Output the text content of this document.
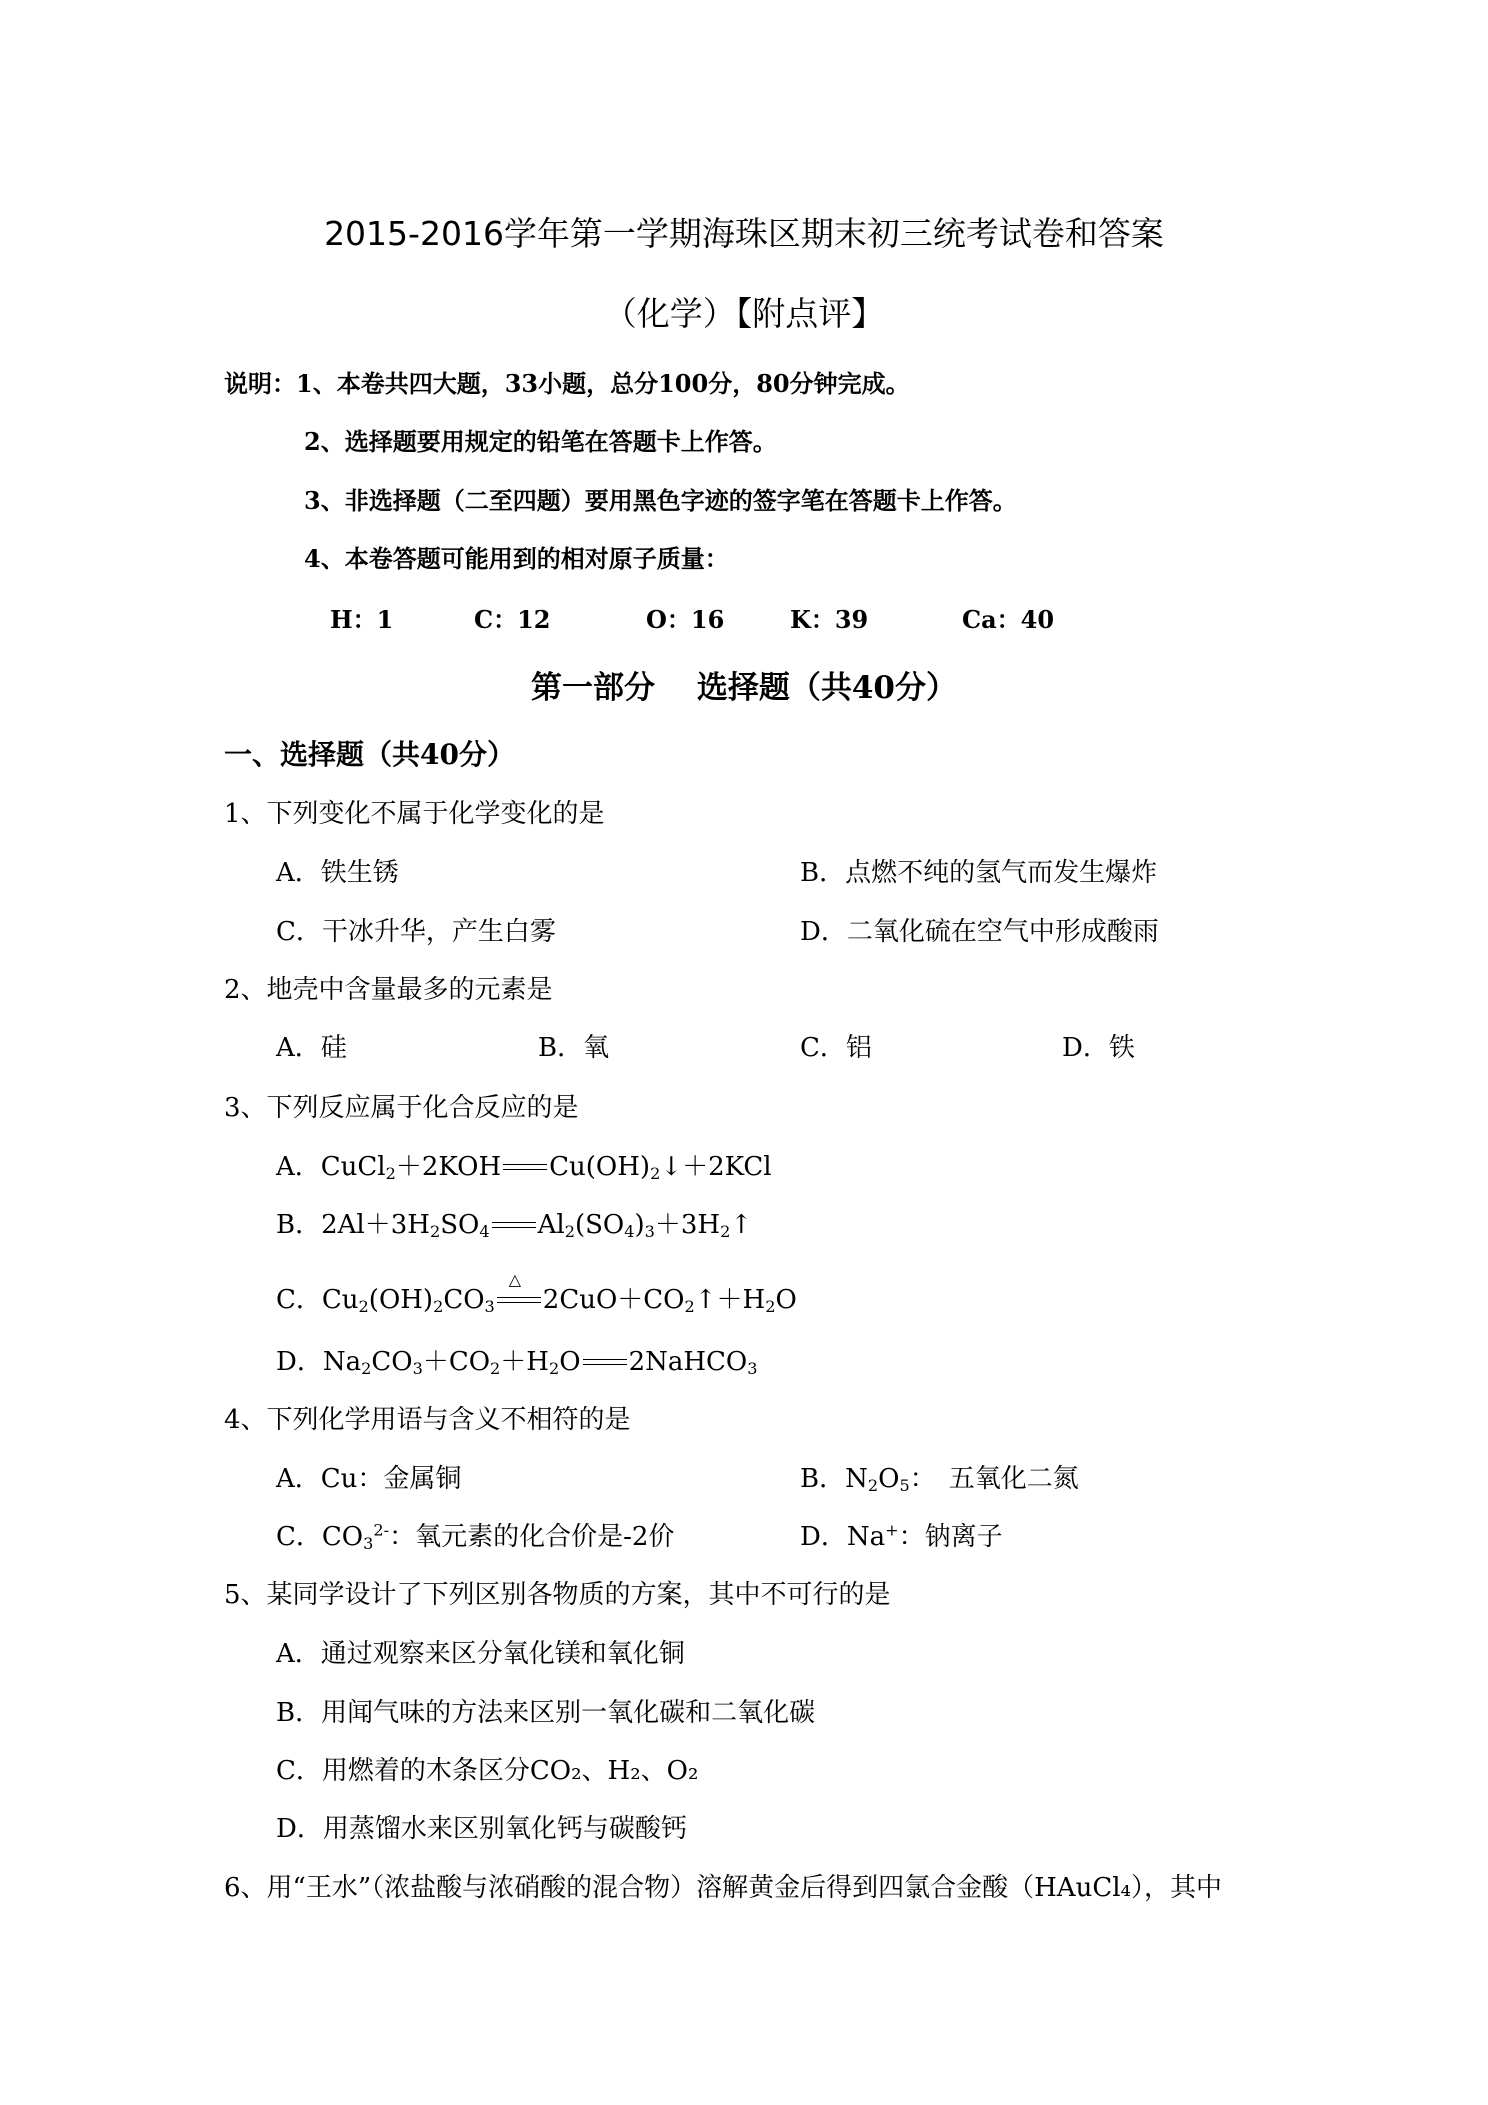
2015-2016学年第一学期海珠区期末初三统考试卷和答案
（化学）【附点评】
说明：1、本卷共四大题，33小题，总分100分，80分钟完成。
2、选择题要用规定的铅笔在答题卡上作答。
3、非选择题（二至四题）要用黑色字迹的签字笔在答题卡上作答。
4、本卷答题可能用到的相对原子质量：
H：1	C：12	O：16	K：39	Ca：40
第一部分　 选择题（共40分）
一、选择题（共40分）
1、下列变化不属于化学变化的是
A．铁生锈	B．点燃不纯的氢气而发生爆炸
C．干冰升华，产生白雾	D．二氧化硫在空气中形成酸雨
2、地壳中含量最多的元素是
A．硅	B．氧	C．铝	D．铁
3、下列反应属于化合反应的是
A．CuCl$_2$＋2KOH $Cu(OH)_2↓+2KCl$
B．$2Al+3H_2SO_4$ $Al_2(SO_4)_3+3H_2↑$
C．$Cu_2(OH)_2CO_3$
△
$2CuO+CO_2↑+H_2O$
D．$Na_2CO_3+CO_2+H_2O$ 2NaHCO$_3$
4、下列化学用语与含义不相符的是
A．Cu：金属铜	B．$N_2O_5$：　五氧化二氮
C．$CO_3^{2-}$：氧元素的化合价是-2价	D．Na+：钠离子
5、某同学设计了下列区别各物质的方案，其中不可行的是
A．通过观察来区分氧化镁和氧化铜
B．用闻气味的方法来区别一氧化碳和二氧化碳
C．用燃着的木条区分CO₂、H₂、O₂
D．用蒸馏水来区别氧化钙与碳酸钙
6、用“王水”（浓盐酸与浓硝酸的混合物）溶解黄金后得到四氯合金酸（HAuCl₄），其中
